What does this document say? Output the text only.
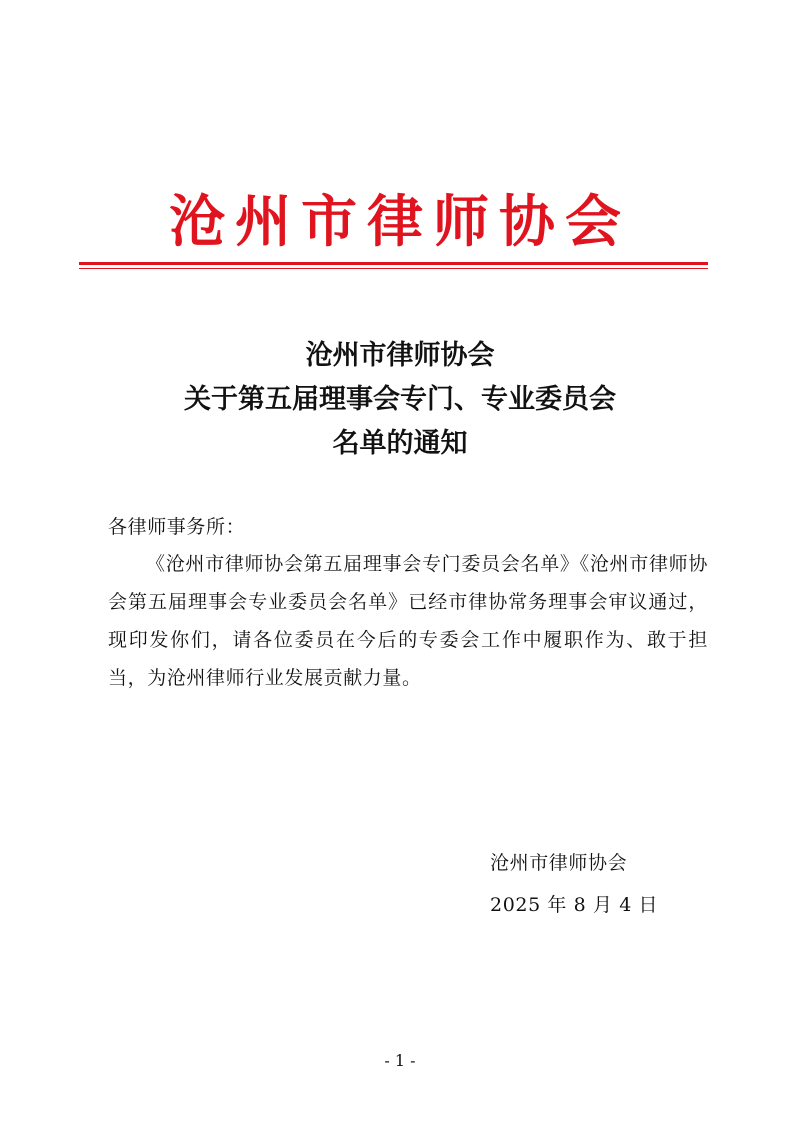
沧州市律师协会
沧州市律师协会
关于第五届理事会专门、专业委员会
名单的通知
各律师事务所：
《沧州市律师协会第五届理事会专门委员会名单》《沧州市律师协会第五届理事会专业委员会名单》已经市律协常务理事会审议通过，现印发你们，请各位委员在今后的专委会工作中履职作为、敢于担当，为沧州律师行业发展贡献力量。
沧州市律师协会
2025 年 8 月 4 日
- 1 -
